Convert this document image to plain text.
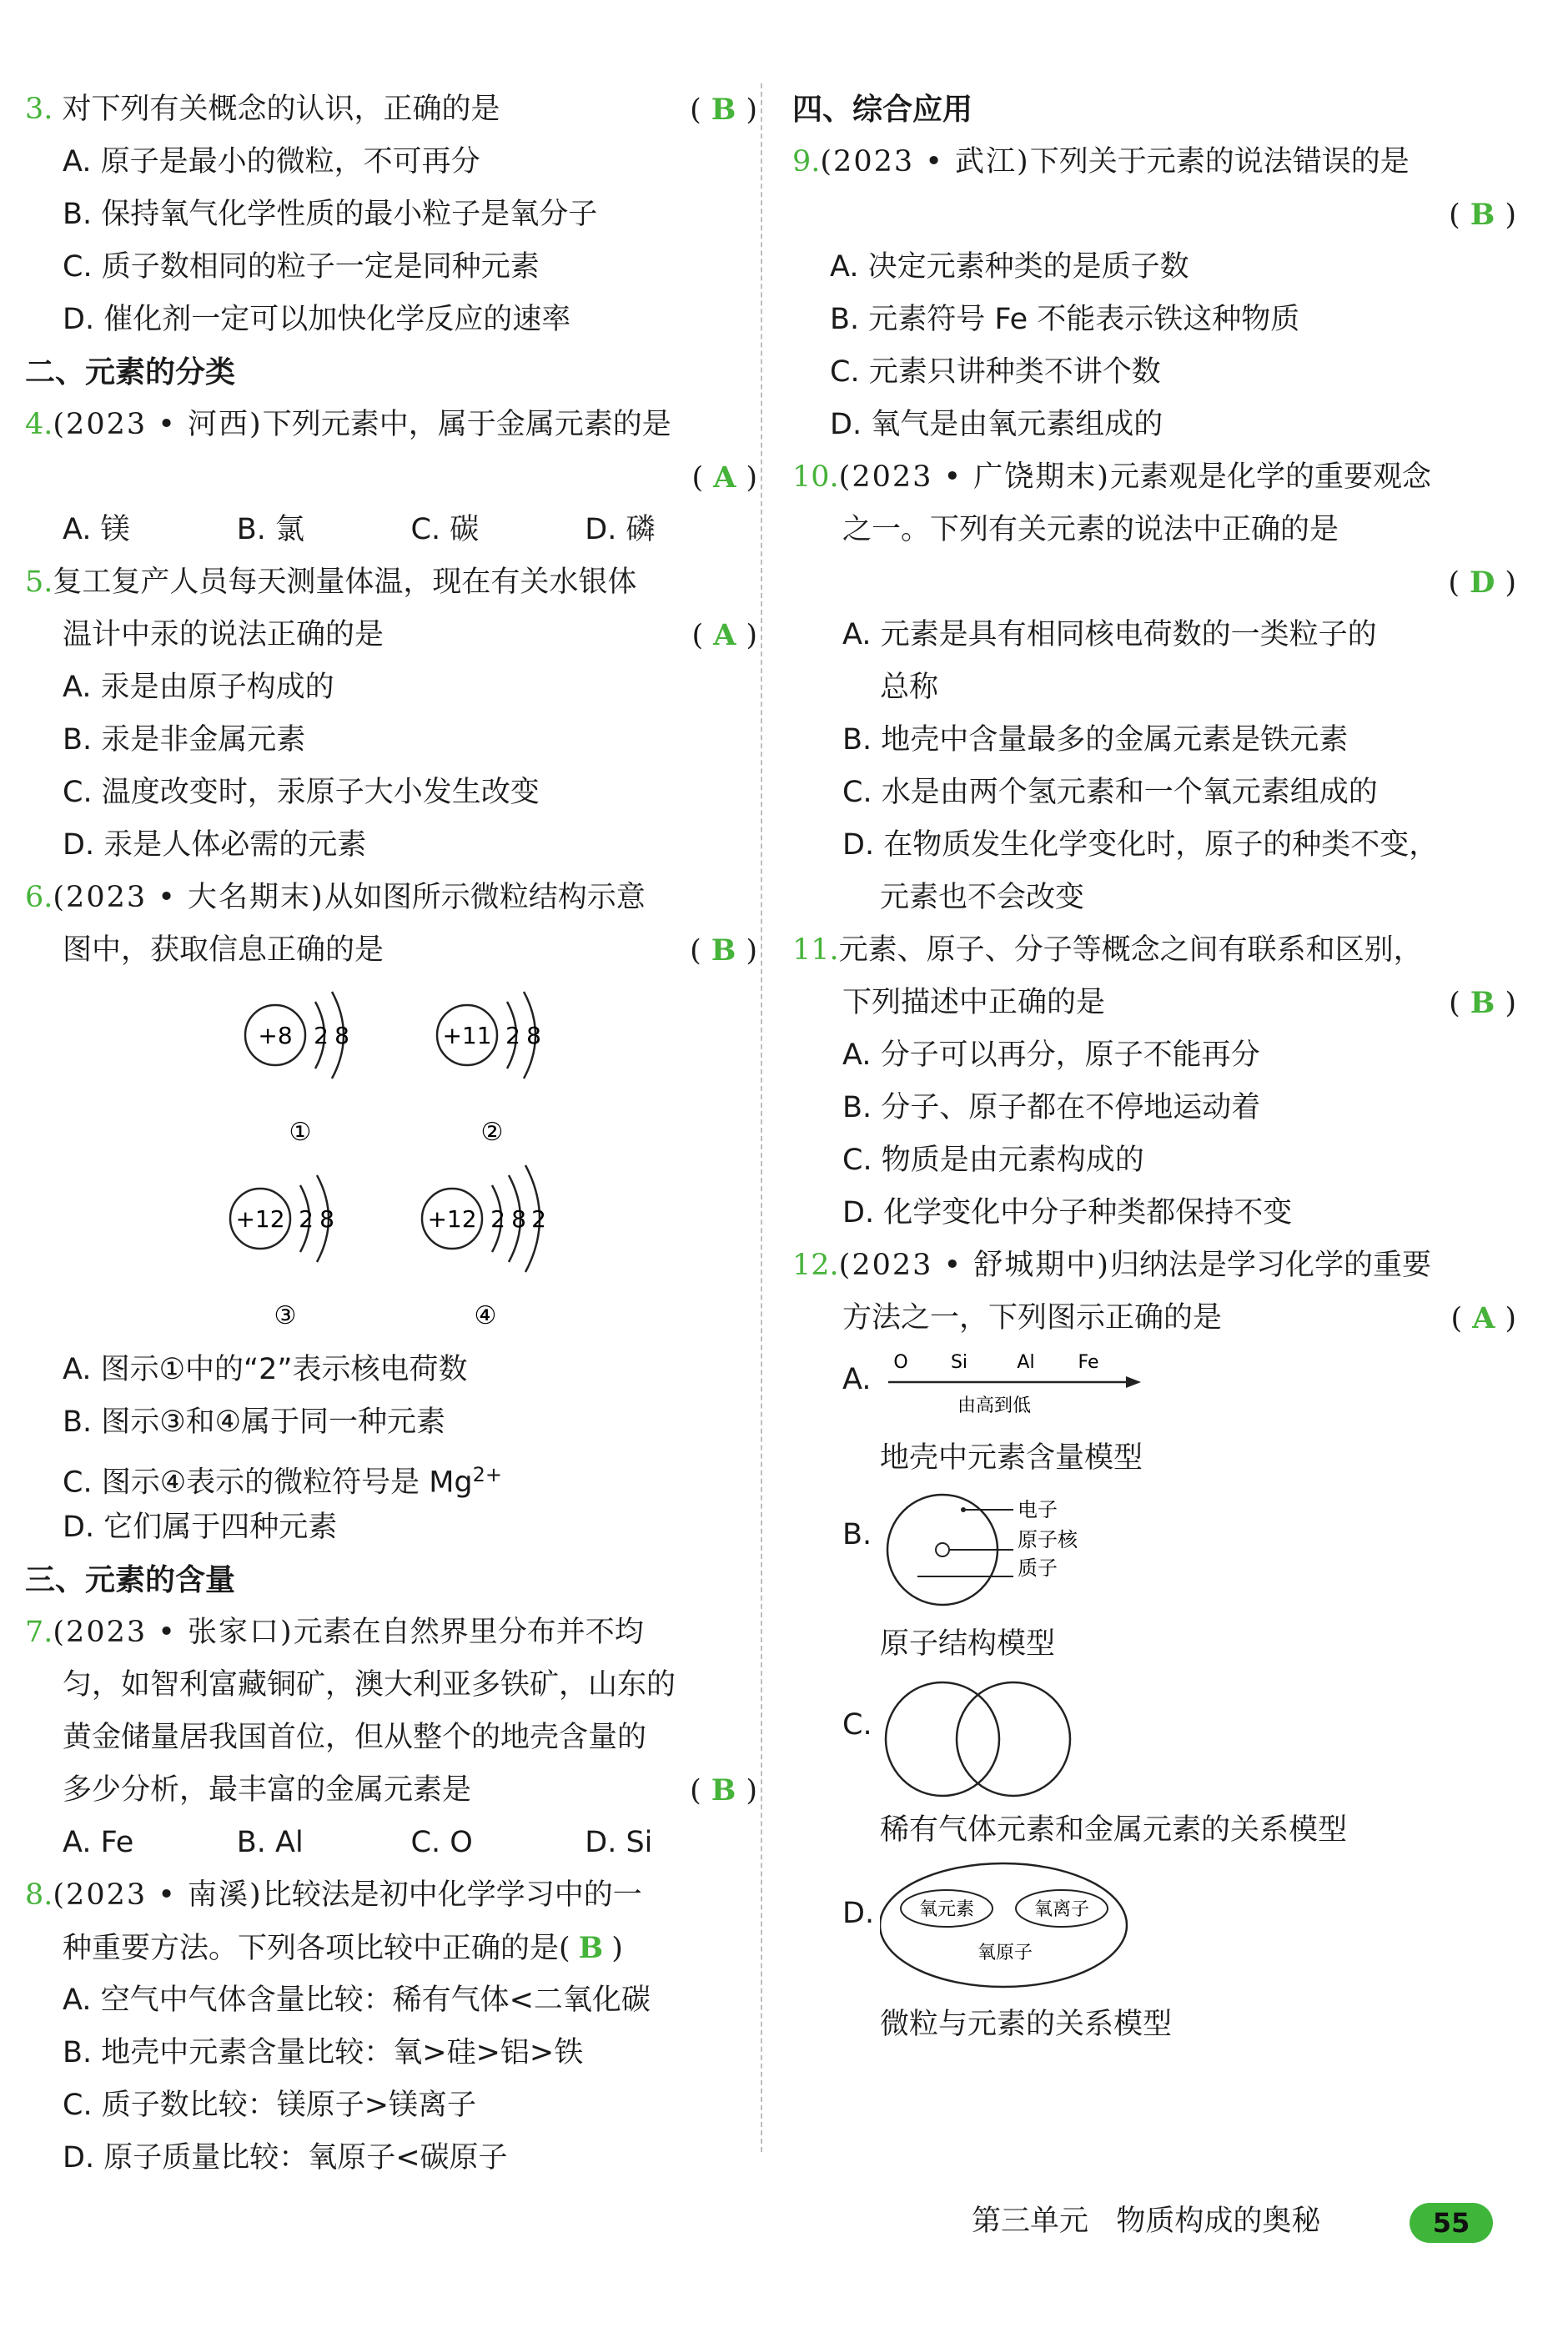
3. 对下列有关概念的认识，正确的是	( B )
A. 原子是最小的微粒，不可再分
B. 保持氧气化学性质的最小粒子是氧分子
C. 质子数相同的粒子一定是同种元素
D. 催化剂一定可以加快化学反应的速率
二、元素的分类
4.(2023 • 河西)下列元素中，属于金属元素的是
( A )
A. 镁	B. 氯	C. 碳	D. 磷
5.复工复产人员每天测量体温，现在有关水银体
温计中汞的说法正确的是	( A )
A. 汞是由原子构成的
B. 汞是非金属元素
C. 温度改变时，汞原子大小发生改变
D. 汞是人体必需的元素
6.(2023 • 大名期末)从如图所示微粒结构示意
图中，获取信息正确的是	( B )
+8 2 8
①
+11 2 8
②
+12 2 8
③
+12 2 8 2
④
A. 图示①中的“2”表示核电荷数
B. 图示③和④属于同一种元素
C. 图示④表示的微粒符号是 $Mg^{2+}$
D. 它们属于四种元素
三、元素的含量
7.(2023 • 张家口)元素在自然界里分布并不均
匀，如智利富藏铜矿，澳大利亚多铁矿，山东的
黄金储量居我国首位，但从整个的地壳含量的
多少分析，最丰富的金属元素是	( B )
A. Fe	B. Al	C. O	D. Si
8.(2023 • 南溪)比较法是初中化学学习中的一
种重要方法。下列各项比较中正确的是( B )
A. 空气中气体含量比较：稀有气体<二氧化碳
B. 地壳中元素含量比较：氧>硅>铝>铁
C. 质子数比较：镁原子>镁离子
D. 原子质量比较：氧原子<碳原子
四、综合应用
9.(2023 • 武江)下列关于元素的说法错误的是
( B )
A. 决定元素种类的是质子数
B. 元素符号 Fe 不能表示铁这种物质
C. 元素只讲种类不讲个数
D. 氧气是由氧元素组成的
10.(2023 • 广饶期末)元素观是化学的重要观念
之一。下列有关元素的说法中正确的是
( D )
A. 元素是具有相同核电荷数的一类粒子的
总称
B. 地壳中含量最多的金属元素是铁元素
C. 水是由两个氢元素和一个氧元素组成的
D. 在物质发生化学变化时，原子的种类不变，
元素也不会改变
11.元素、原子、分子等概念之间有联系和区别，
下列描述中正确的是	( B )
A. 分子可以再分，原子不能再分
B. 分子、原子都在不停地运动着
C. 物质是由元素构成的
D. 化学变化中分子种类都保持不变
12.(2023 • 舒城期中)归纳法是学习化学的重要
方法之一，下列图示正确的是	( A )
A.
O Si	Al Fe
由高到低
地壳中元素含量模型
B.
电子
原子核
质子
原子结构模型
C.
稀有气体元素和金属元素的关系模型
D. 氧元素	氧离子
氧原子
微粒与元素的关系模型
第三单元 物质构成的奥秘	55
